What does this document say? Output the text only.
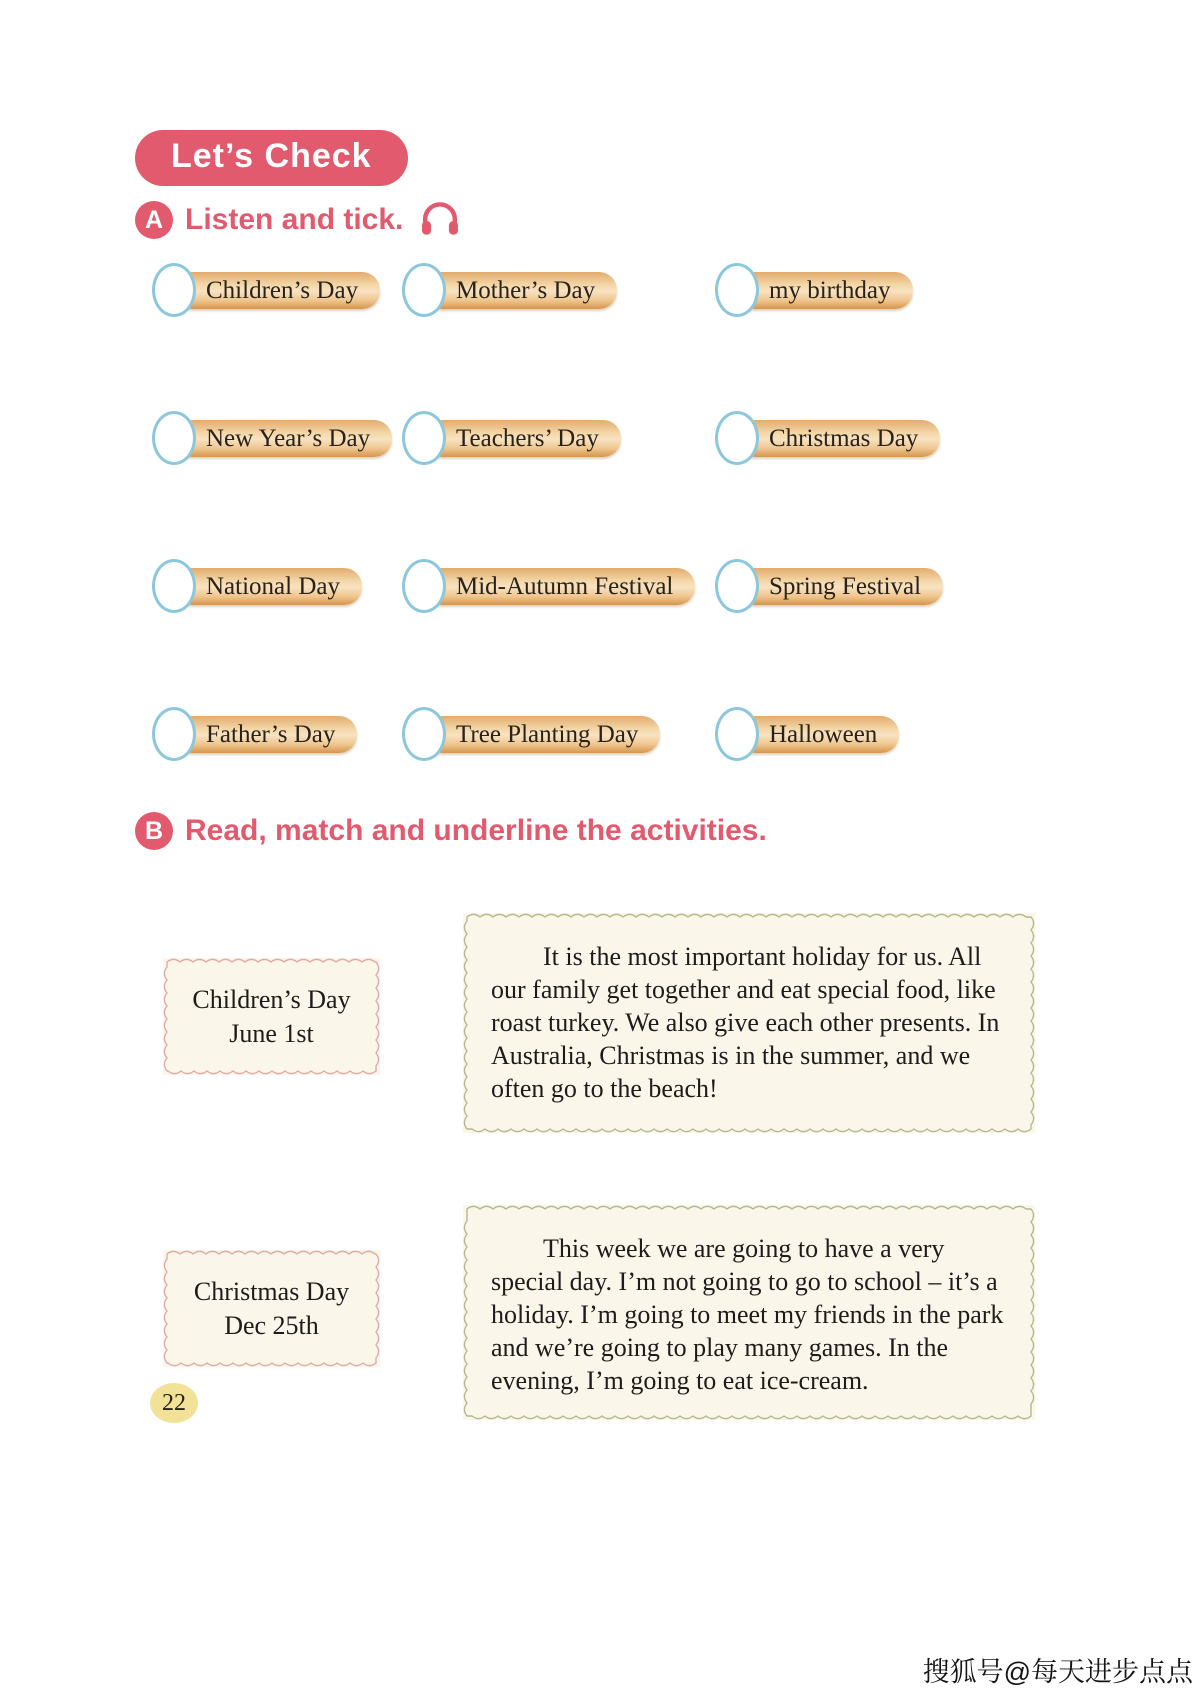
Let’s Check
A Listen and tick.
Children’s Day	Mother’s Day	my birthday
New Year’s Day	Teachers’ Day	Christmas Day
National Day	Mid-Autumn Festival	Spring Festival
Father’s Day	Tree Planting Day	Halloween
B Read, match and underline the activities.
Children’s Day
June 1st
It is the most important holiday for us. All our family get together and eat special food, like roast turkey. We also give each other presents. In Australia, Christmas is in the summer, and we often go to the beach!
Christmas Day
Dec 25th
This week we are going to have a very special day. I’m not going to go to school – it’s a holiday. I’m going to meet my friends in the park and we’re going to play many games. In the evening, I’m going to eat ice-cream.
22
搜狐号@每天进步点点
